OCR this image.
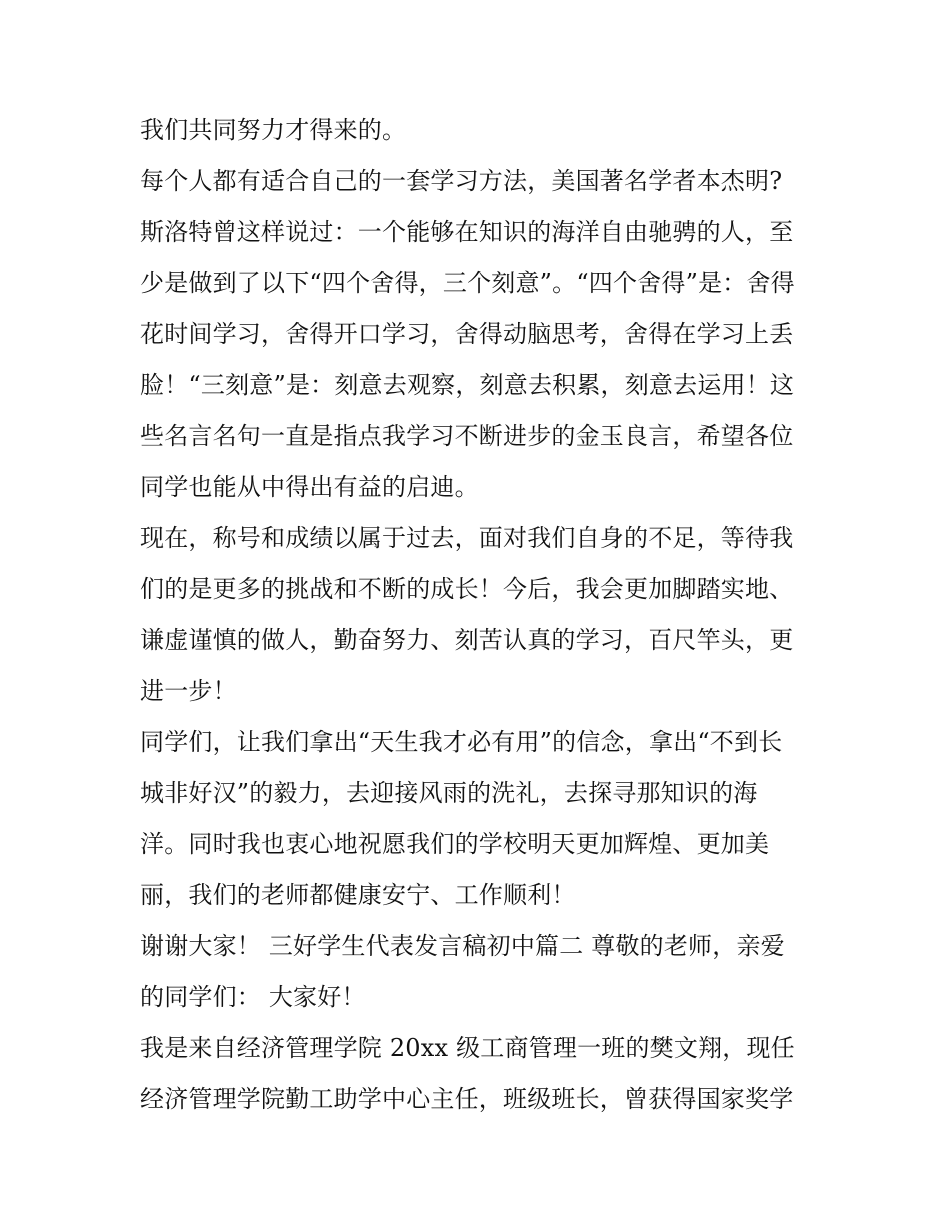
我们共同努力才得来的。
每个人都有适合自己的一套学习方法，美国著名学者本杰明?
斯洛特曾这样说过：一个能够在知识的海洋自由驰骋的人，至
少是做到了以下“四个舍得，三个刻意”。“四个舍得”是：舍得
花时间学习，舍得开口学习，舍得动脑思考，舍得在学习上丢
脸！“三刻意”是：刻意去观察，刻意去积累，刻意去运用！这
些名言名句一直是指点我学习不断进步的金玉良言，希望各位
同学也能从中得出有益的启迪。
现在，称号和成绩以属于过去，面对我们自身的不足，等待我
们的是更多的挑战和不断的成长！今后，我会更加脚踏实地、
谦虚谨慎的做人，勤奋努力、刻苦认真的学习，百尺竿头，更
进一步！
同学们，让我们拿出“天生我才必有用”的信念，拿出“不到长
城非好汉”的毅力，去迎接风雨的洗礼，去探寻那知识的海
洋。同时我也衷心地祝愿我们的学校明天更加辉煌、更加美
丽，我们的老师都健康安宁、工作顺利！
谢谢大家！ 三好学生代表发言稿初中篇二 尊敬的老师，亲爱
的同学们： 大家好！
我是来自经济管理学院 20xx 级工商管理一班的樊文翔，现任
经济管理学院勤工助学中心主任，班级班长，曾获得国家奖学
